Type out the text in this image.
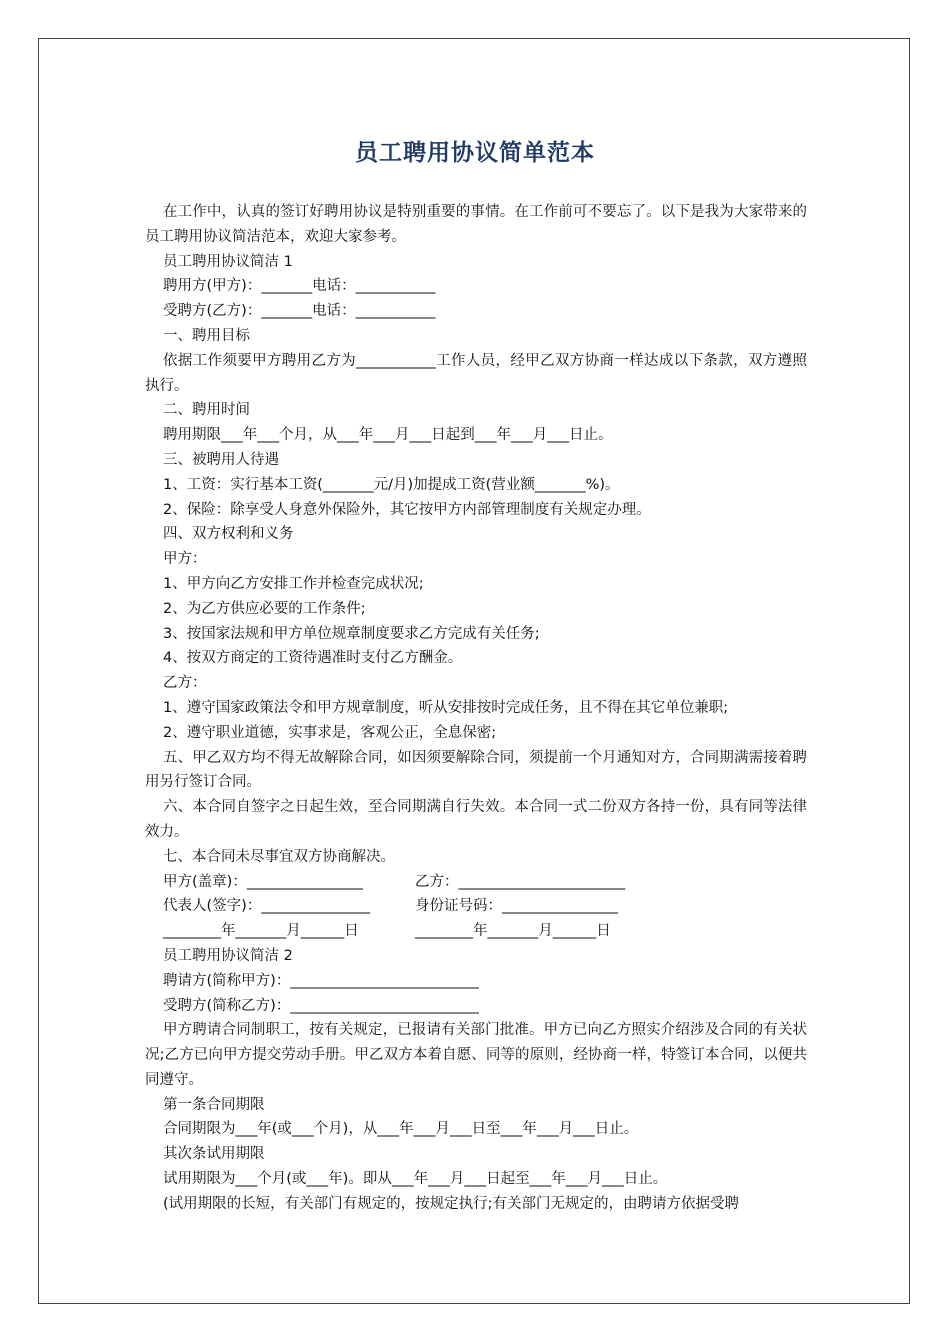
员工聘用协议简单范本

在工作中，认真的签订好聘用协议是特别重要的事情。在工作前可不要忘了。以下是我为大家带来的员工聘用协议简洁范本，欢迎大家参考。

员工聘用协议简洁 1

聘用方(甲方)：_______电话：___________

受聘方(乙方)：_______电话：___________

一、聘用目标

依据工作须要甲方聘用乙方为___________工作人员，经甲乙双方协商一样达成以下条款，双方遵照执行。

二、聘用时间

聘用期限___年___个月，从___年___月___日起到___年___月___日止。

三、被聘用人待遇

1、工资：实行基本工资(_______元/月)加提成工资(营业额_______%)。

2、保险：除享受人身意外保险外，其它按甲方内部管理制度有关规定办理。

四、双方权利和义务

甲方：

1、甲方向乙方安排工作并检查完成状况;

2、为乙方供应必要的工作条件;

3、按国家法规和甲方单位规章制度要求乙方完成有关任务;

4、按双方商定的工资待遇准时支付乙方酬金。

乙方：

1、遵守国家政策法令和甲方规章制度，听从安排按时完成任务，且不得在其它单位兼职;

2、遵守职业道德，实事求是，客观公正，全息保密;

五、甲乙双方均不得无故解除合同，如因须要解除合同，须提前一个月通知对方，合同期满需接着聘用另行签订合同。

六、本合同自签字之日起生效，至合同期满自行失效。本合同一式二份双方各持一份，具有同等法律效力。

七、本合同未尽事宜双方协商解决。

甲方(盖章)：________________	乙方：_______________________
代表人(签字)：_______________	身份证号码：________________
________年_______月______日	________年_______月______日

员工聘用协议简洁 2

聘请方(简称甲方)：__________________________

受聘方(简称乙方)：__________________________

甲方聘请合同制职工，按有关规定，已报请有关部门批准。甲方已向乙方照实介绍涉及合同的有关状况;乙方已向甲方提交劳动手册。甲乙双方本着自愿、同等的原则，经协商一样，特签订本合同，以便共同遵守。

第一条合同期限

合同期限为___年(或___个月)，从___年___月___日至___年___月___日止。

其次条试用期限

试用期限为___个月(或___年)。即从___年___月___日起至___年___月___日止。

(试用期限的长短，有关部门有规定的，按规定执行;有关部门无规定的，由聘请方依据受聘
